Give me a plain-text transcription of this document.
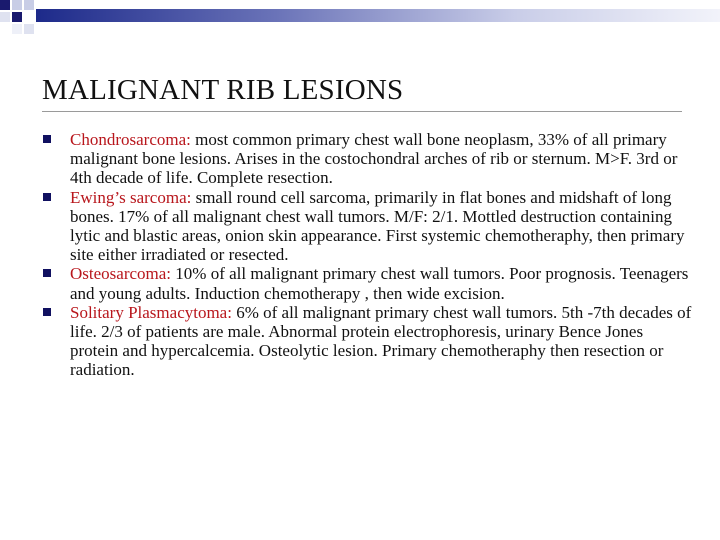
MALIGNANT RIB LESIONS
Chondrosarcoma: most common primary chest wall bone neoplasm, 33% of all primary malignant bone lesions. Arises in the costochondral arches of rib or sternum. M>F. 3rd or 4th decade of life. Complete resection.
Ewing’s sarcoma: small round cell sarcoma, primarily in flat bones and midshaft of long bones. 17% of all malignant chest wall tumors. M/F: 2/1. Mottled destruction containing lytic and blastic areas, onion skin appearance. First systemic chemotheraphy, then primary site either irradiated or resected.
Osteosarcoma: 10% of all malignant primary chest wall tumors. Poor prognosis. Teenagers and young adults. Induction chemotherapy , then wide excision.
Solitary Plasmacytoma: 6% of all malignant primary chest wall tumors. 5th -7th decades of life. 2/3 of patients are male. Abnormal protein electrophoresis, urinary Bence Jones protein and hypercalcemia. Osteolytic lesion. Primary chemotheraphy then resection or radiation.
